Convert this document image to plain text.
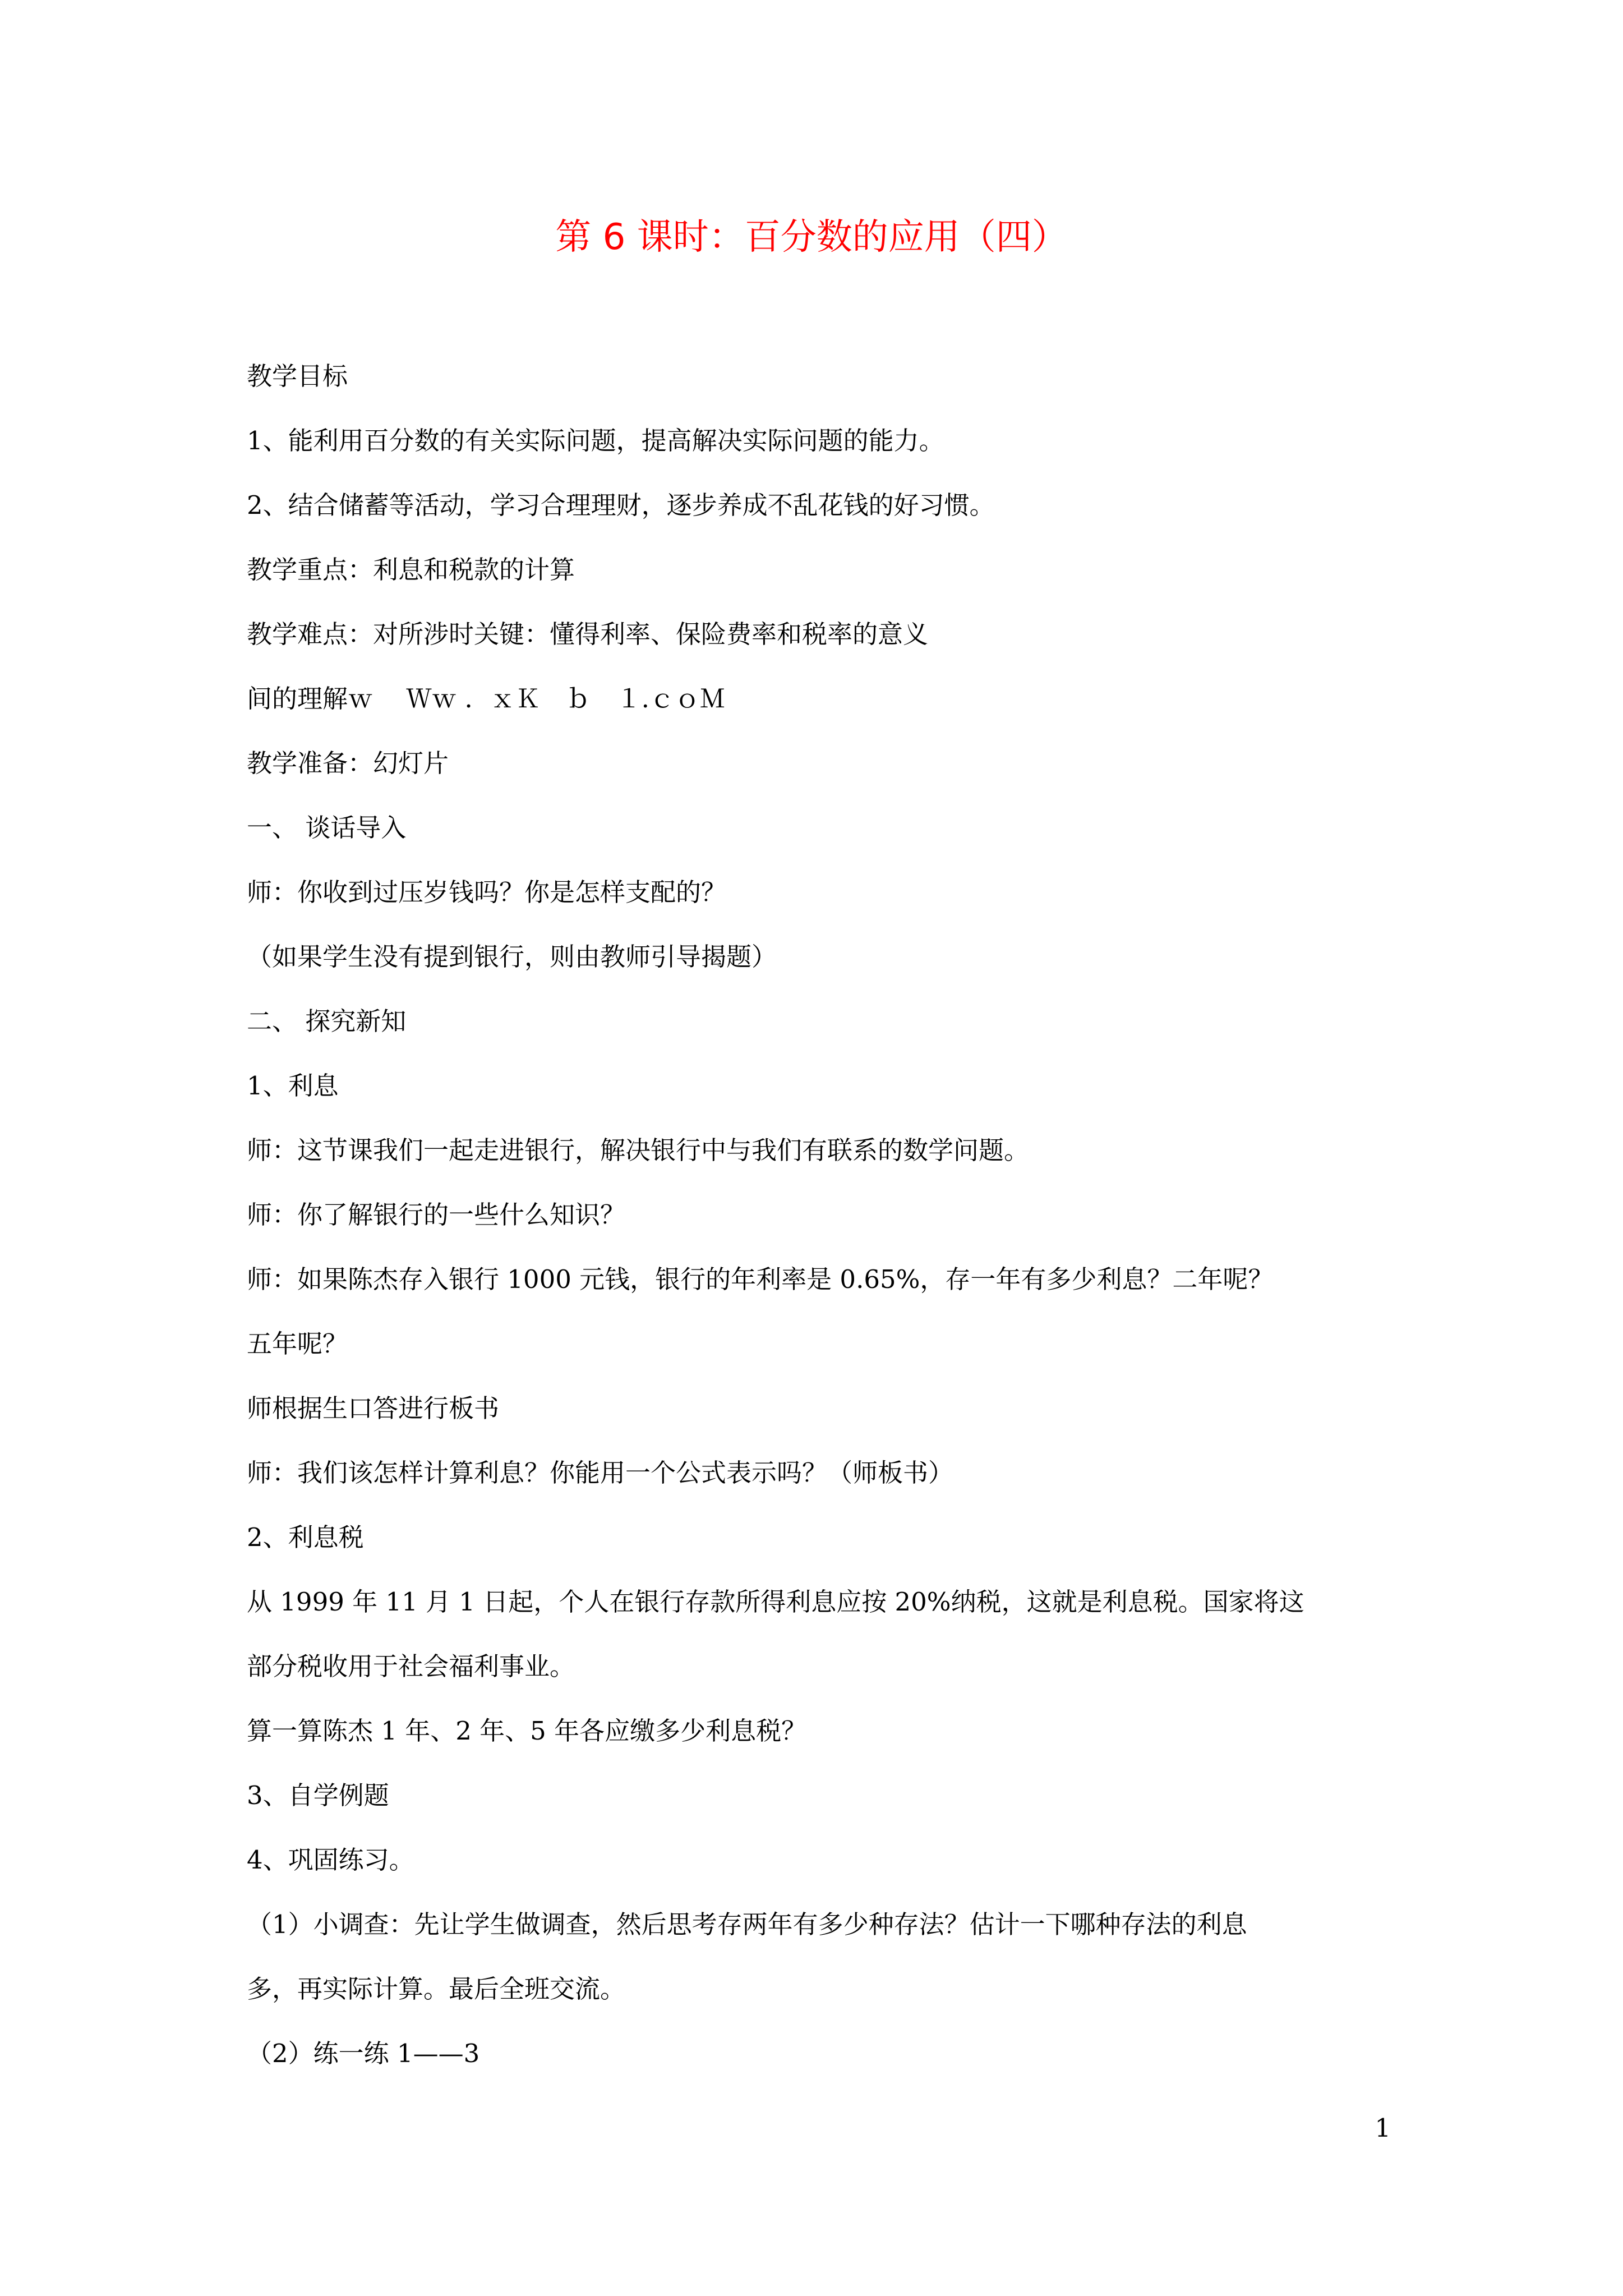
第 6 课时：百分数的应用（四）

教学目标

1、能利用百分数的有关实际问题，提高解决实际问题的能力。

2、结合储蓄等活动，学习合理理财，逐步养成不乱花钱的好习惯。

教学重点：利息和税款的计算

教学难点：对所涉时关键：懂得利率、保险费率和税率的意义

间的理解ｗ　 Ｗｗ ．ｘＫ　ｂ　１.ｃｏＭ

教学准备：幻灯片

一、 谈话导入

师：你收到过压岁钱吗？你是怎样支配的？

（如果学生没有提到银行，则由教师引导揭题）

二、 探究新知

1、利息

师：这节课我们一起走进银行，解决银行中与我们有联系的数学问题。

师：你了解银行的一些什么知识？

师：如果陈杰存入银行 1000 元钱，银行的年利率是 0.65%，存一年有多少利息？二年呢？

五年呢？

师根据生口答进行板书

师：我们该怎样计算利息？你能用一个公式表示吗？（师板书）

2、利息税

从 1999 年 11 月 1 日起，个人在银行存款所得利息应按 20%纳税，这就是利息税。国家将这

部分税收用于社会福利事业。

算一算陈杰 1 年、2 年、5 年各应缴多少利息税？

3、自学例题

4、巩固练习。

（1）小调查：先让学生做调查，然后思考存两年有多少种存法？估计一下哪种存法的利息

多，再实际计算。最后全班交流。

（2）练一练 1——3

1
